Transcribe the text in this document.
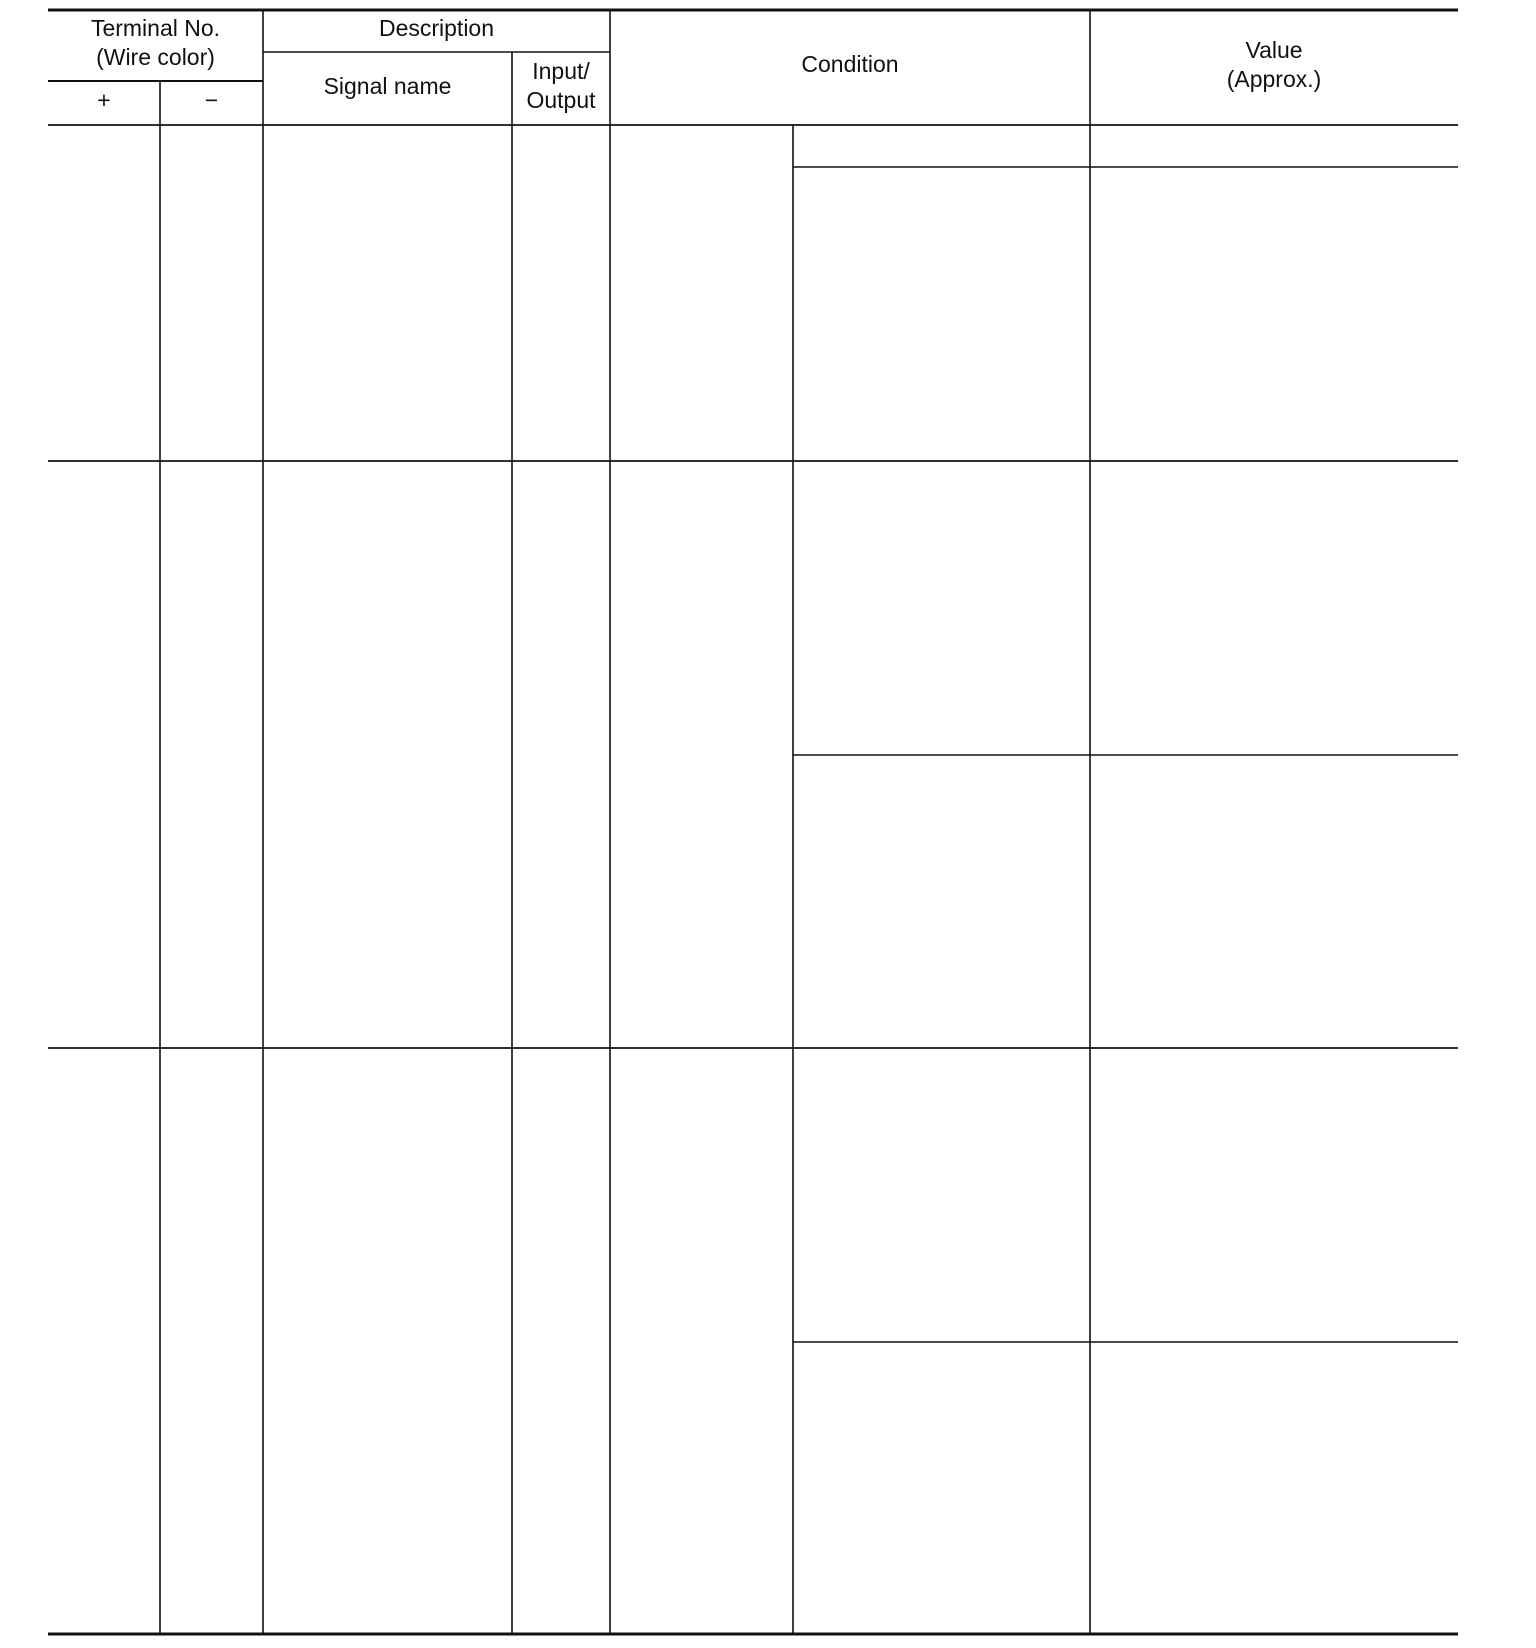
Terminal No.
(Wire color)
+	−
Description
Signal name
Input/
Output
Condition
Value
(Approx.)
